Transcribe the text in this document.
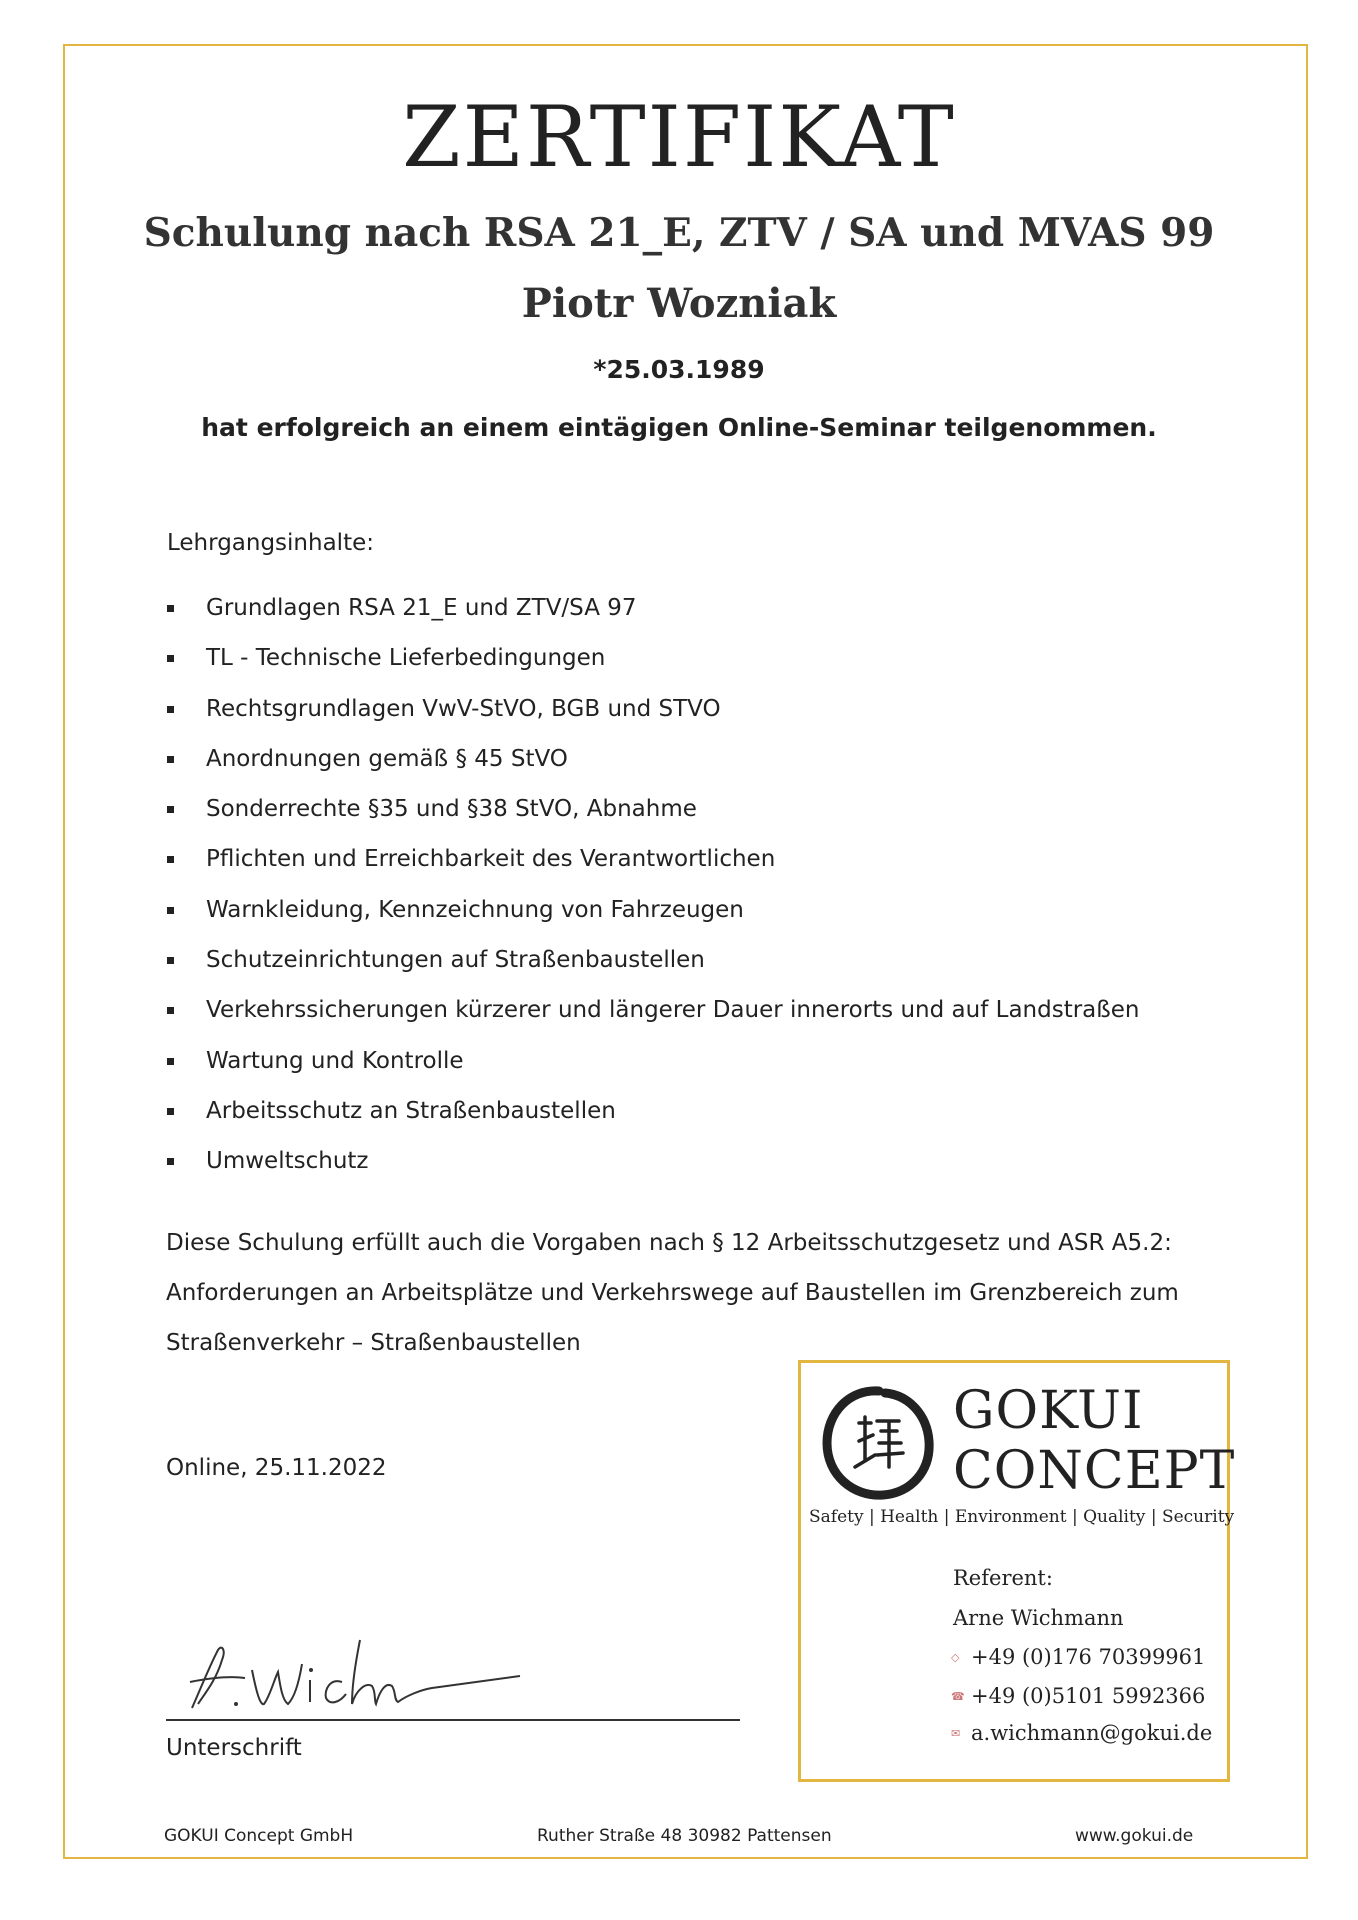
ZERTIFIKAT
Schulung nach RSA 21_E, ZTV / SA und MVAS 99
Piotr Wozniak
*25.03.1989
hat erfolgreich an einem eintägigen Online-Seminar teilgenommen.
Lehrgangsinhalte:
Grundlagen RSA 21_E und ZTV/SA 97
TL - Technische Lieferbedingungen
Rechtsgrundlagen VwV-StVO, BGB und STVO
Anordnungen gemäß § 45 StVO
Sonderrechte §35 und §38 StVO, Abnahme
Pflichten und Erreichbarkeit des Verantwortlichen
Warnkleidung, Kennzeichnung von Fahrzeugen
Schutzeinrichtungen auf Straßenbaustellen
Verkehrssicherungen kürzerer und längerer Dauer innerorts und auf Landstraßen
Wartung und Kontrolle
Arbeitsschutz an Straßenbaustellen
Umweltschutz
Diese Schulung erfüllt auch die Vorgaben nach § 12 Arbeitsschutzgesetz und ASR A5.2:
Anforderungen an Arbeitsplätze und Verkehrswege auf Baustellen im Grenzbereich zum
Straßenverkehr – Straßenbaustellen
Online, 25.11.2022
Unterschrift
GOKUI
CONCEPT
Safety | Health | Environment | Quality | Security
Referent:
Arne Wichmann
◇ +49 (0)176 70399961
☎ +49 (0)5101 5992366
✉ a.wichmann@gokui.de
GOKUI Concept GmbH	Ruther Straße 48 30982 Pattensen	www.gokui.de
